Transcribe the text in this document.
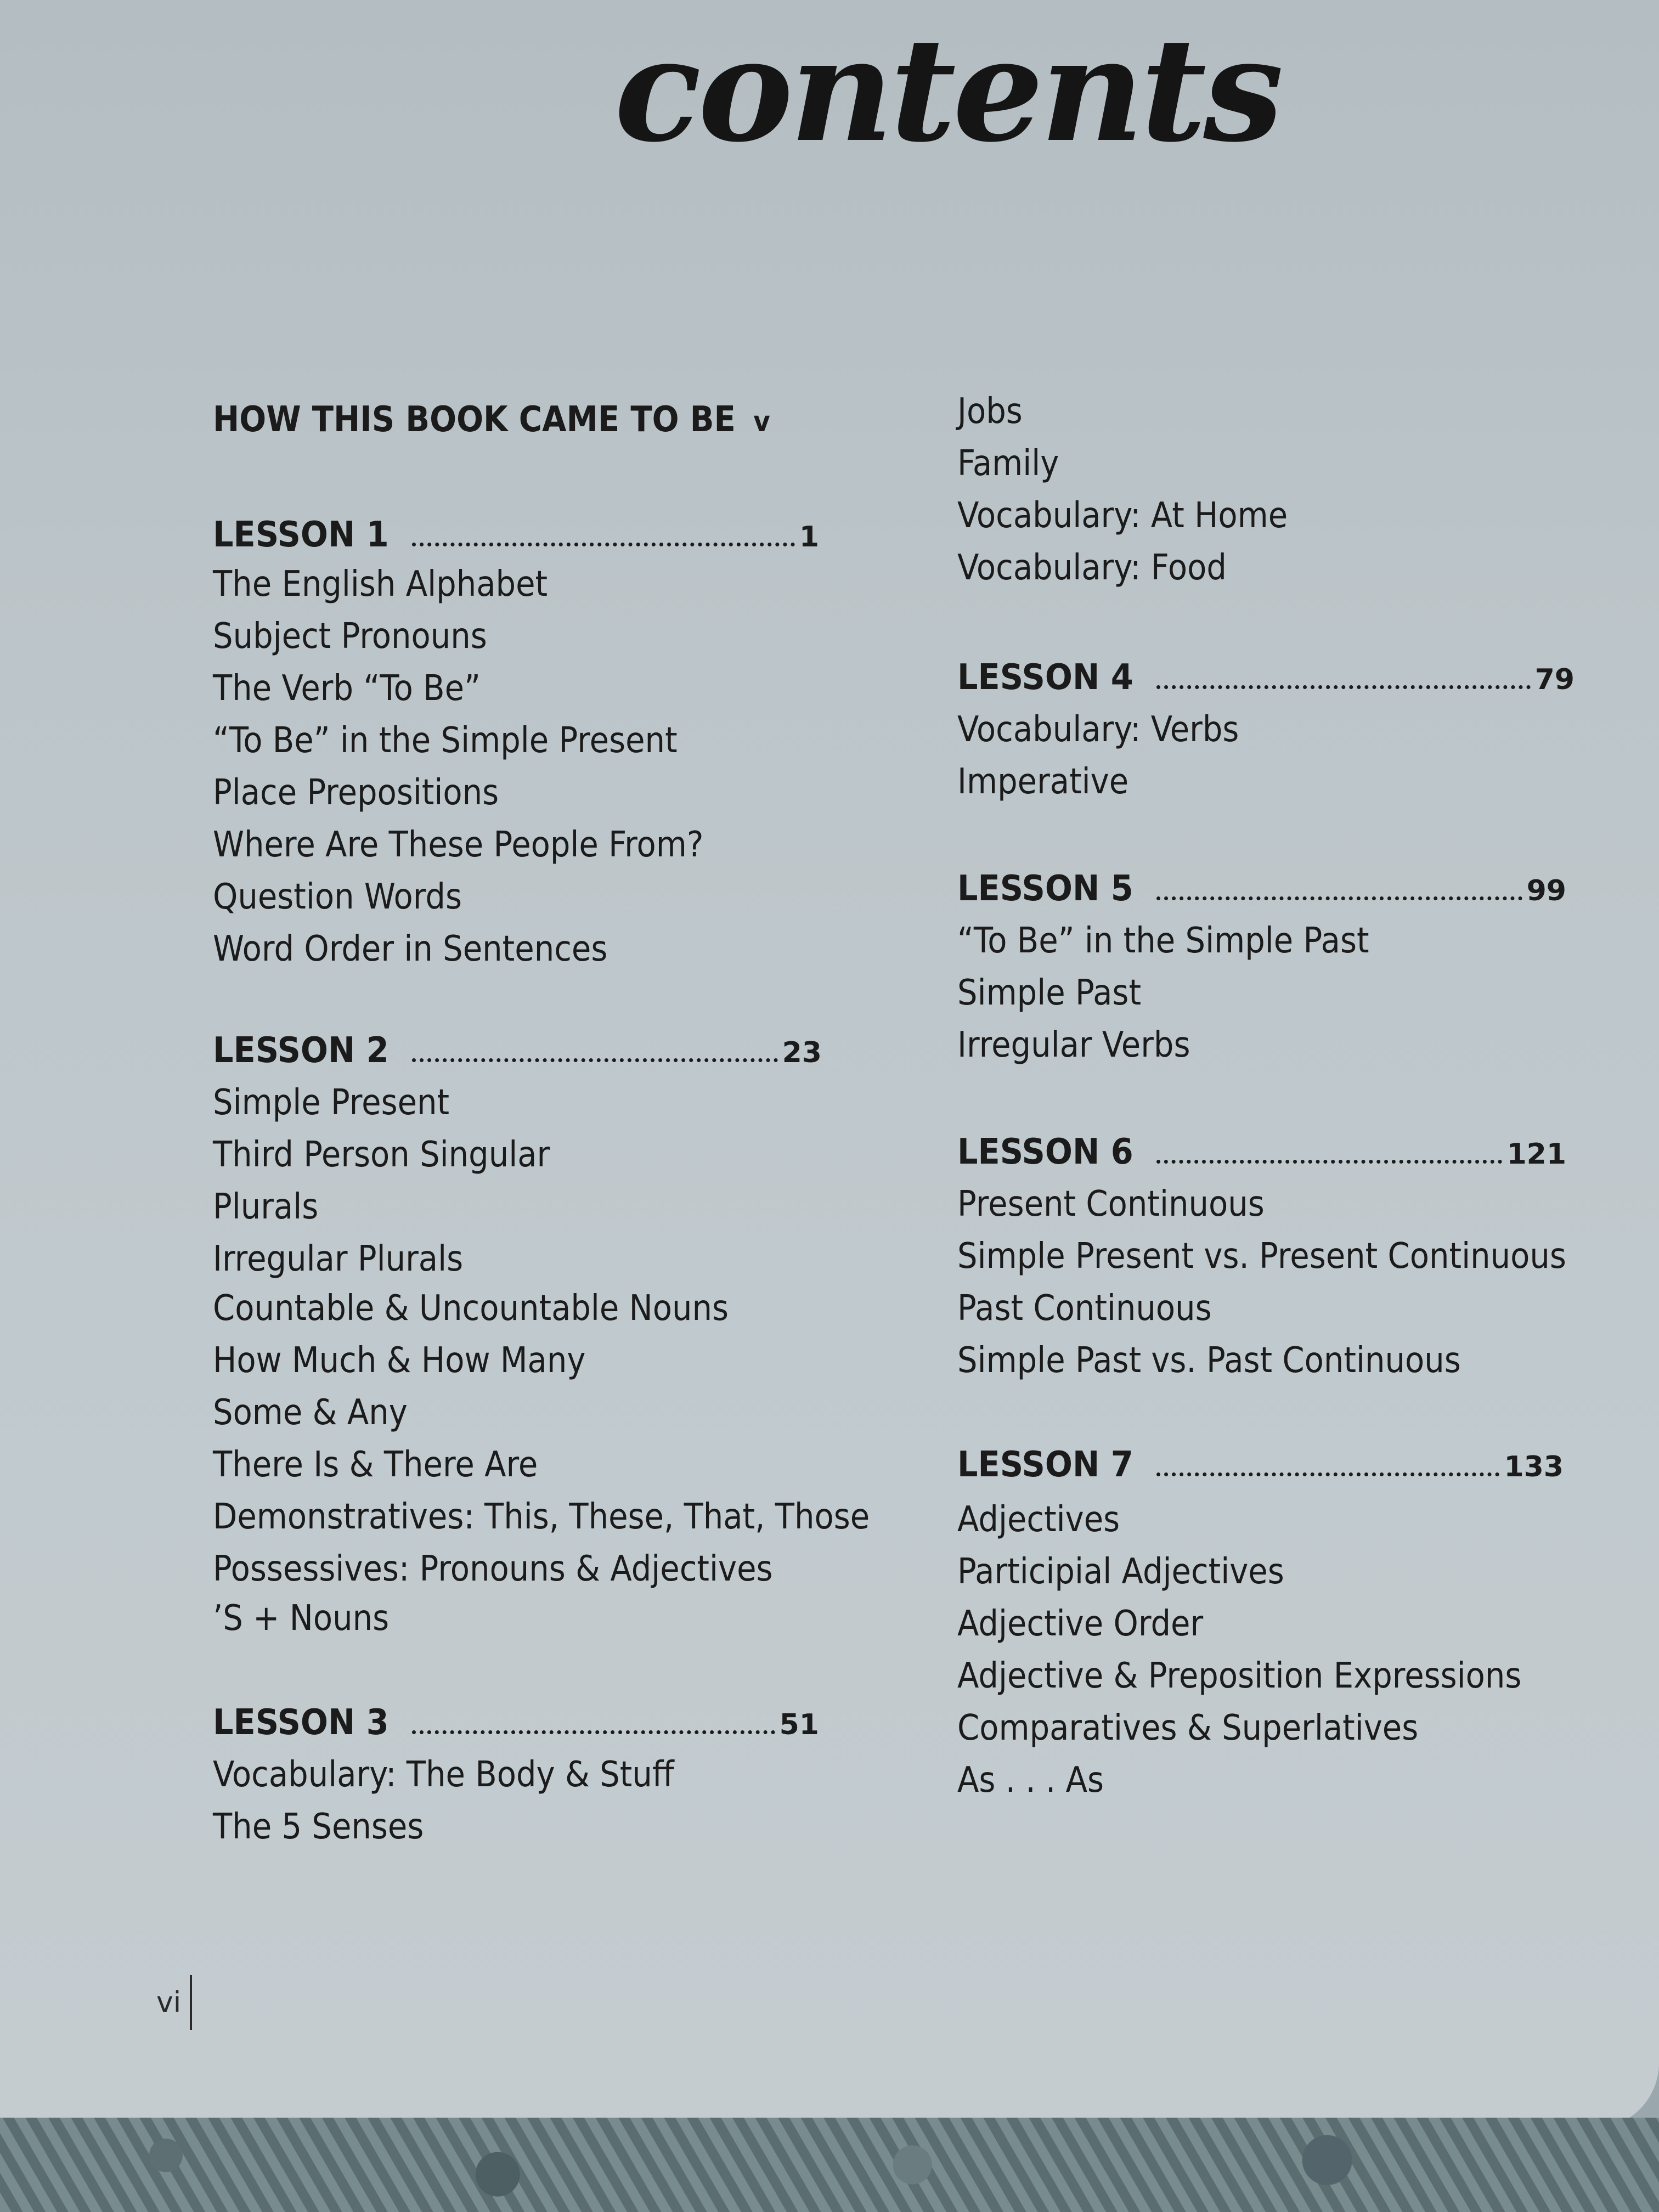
contents
HOW THIS BOOK CAME TO BE v
LESSON 1	1
The English Alphabet
Subject Pronouns
The Verb “To Be”
“To Be” in the Simple Present
Place Prepositions
Where Are These People From?
Question Words
Word Order in Sentences
LESSON 2	23
Simple Present
Third Person Singular
Plurals
Irregular Plurals
Countable & Uncountable Nouns
How Much & How Many
Some & Any
There Is & There Are
Demonstratives: This, These, That, Those
Possessives: Pronouns & Adjectives
’S + Nouns
LESSON 3	51
Vocabulary: The Body & Stuff
The 5 Senses
Jobs
Family
Vocabulary: At Home
Vocabulary: Food
LESSON 4	79
Vocabulary: Verbs
Imperative
LESSON 5	99
“To Be” in the Simple Past
Simple Past
Irregular Verbs
LESSON 6	121
Present Continuous
Simple Present vs. Present Continuous
Past Continuous
Simple Past vs. Past Continuous
LESSON 7	133
Adjectives
Participial Adjectives
Adjective Order
Adjective & Preposition Expressions
Comparatives & Superlatives
As . . . As
vi
